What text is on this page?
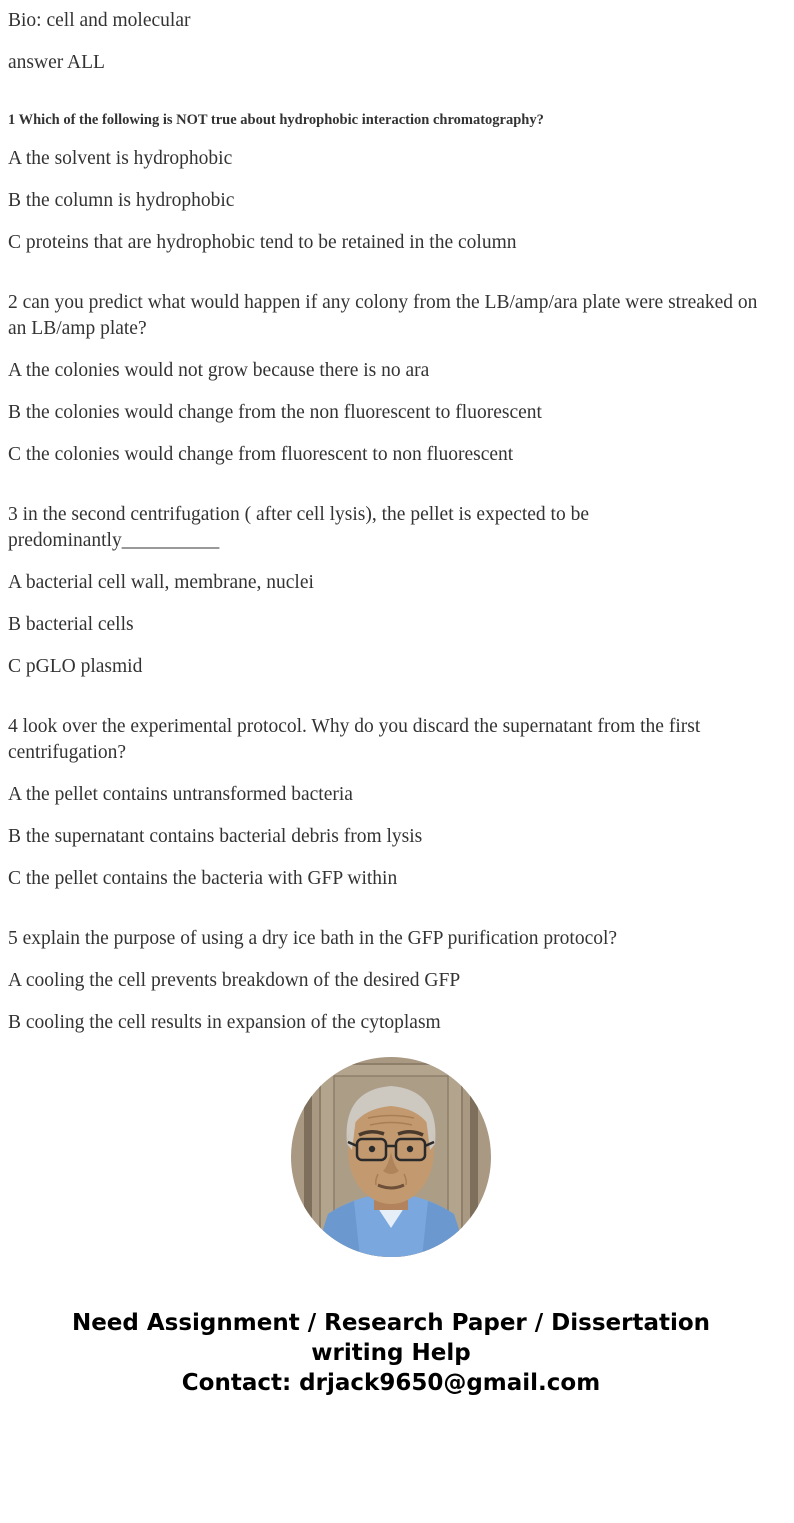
Bio: cell and molecular

answer ALL

1 Which of the following is NOT true about hydrophobic interaction chromatography?

A the solvent is hydrophobic

B the column is hydrophobic

C proteins that are hydrophobic tend to be retained in the column

2 can you predict what would happen if any colony from the LB/amp/ara plate were streaked on an LB/amp plate?

A the colonies would not grow because there is no ara

B the colonies would change from the non fluorescent to fluorescent

C the colonies would change from fluorescent to non fluorescent

3 in the second centrifugation ( after cell lysis), the pellet is expected to be predominantly__________

A bacterial cell wall, membrane, nuclei

B bacterial cells

C pGLO plasmid

4 look over the experimental protocol. Why do you discard the supernatant from the first centrifugation?

A the pellet contains untransformed bacteria

B the supernatant contains bacterial debris from lysis

C the pellet contains the bacteria with GFP within

5 explain the purpose of using a dry ice bath in the GFP purification protocol?

A cooling the cell prevents breakdown of the desired GFP

B cooling the cell results in expansion of the cytoplasm

Need Assignment / Research Paper / Dissertation writing Help
Contact: drjack9650@gmail.com
